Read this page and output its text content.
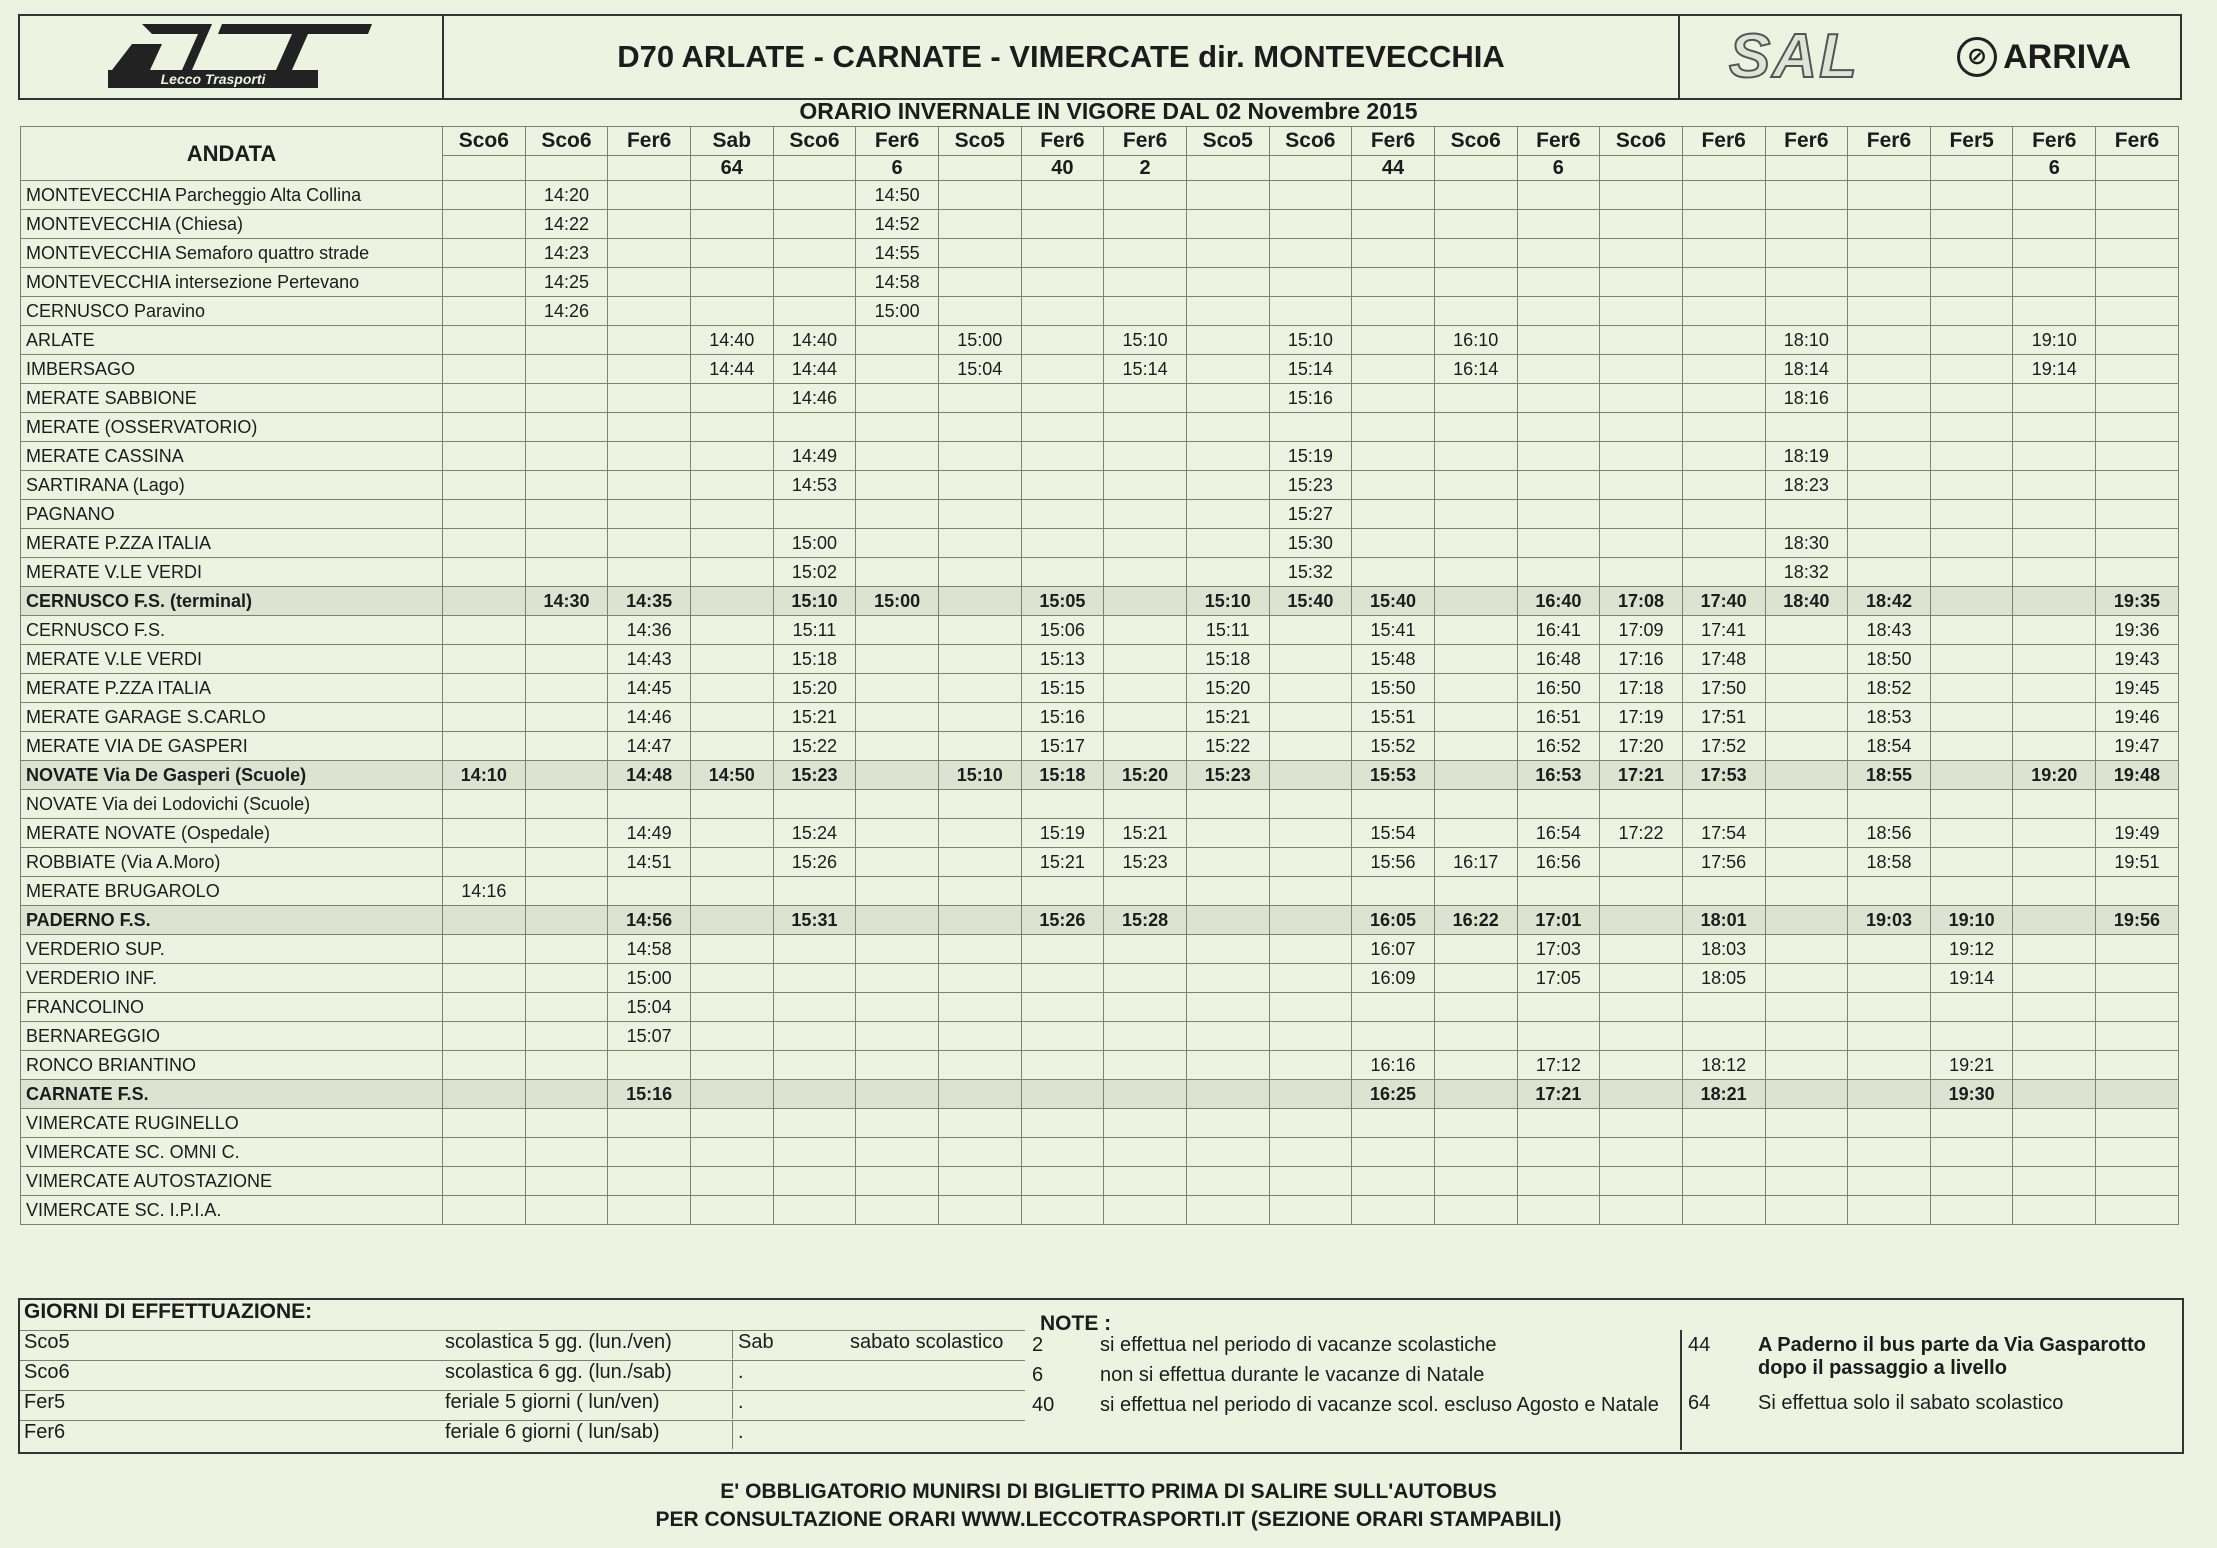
Lecco Trasporti
D70 ARLATE - CARNATE - VIMERCATE dir. MONTEVECCHIA	SAL	⊘ ARRIVA
ORARIO INVERNALE IN VIGORE DAL 02 Novembre 2015
ANDATA	Sco6	Sco6	Fer6	Sab	Sco6	Fer6	Sco5	Fer6	Fer6	Sco5	Sco6	Fer6	Sco6	Fer6	Sco6	Fer6	Fer6	Fer6	Fer5	Fer6	Fer6
				64		6		40	2			44		6						6	
MONTEVECCHIA Parcheggio Alta Collina		14:20				14:50															
MONTEVECCHIA (Chiesa)		14:22				14:52															
MONTEVECCHIA Semaforo quattro strade		14:23				14:55															
MONTEVECCHIA intersezione Pertevano		14:25				14:58															
CERNUSCO Paravino		14:26				15:00															
ARLATE				14:40	14:40		15:00		15:10		15:10		16:10				18:10			19:10	
IMBERSAGO				14:44	14:44		15:04		15:14		15:14		16:14				18:14			19:14	
MERATE SABBIONE					14:46						15:16						18:16				
MERATE (OSSERVATORIO)																					
MERATE CASSINA					14:49						15:19						18:19				
SARTIRANA (Lago)					14:53						15:23						18:23				
PAGNANO											15:27										
MERATE P.ZZA ITALIA					15:00						15:30						18:30				
MERATE V.LE VERDI					15:02						15:32						18:32				
CERNUSCO F.S. (terminal)		14:30	14:35		15:10	15:00		15:05		15:10	15:40	15:40		16:40	17:08	17:40	18:40	18:42			19:35
CERNUSCO F.S.			14:36		15:11			15:06		15:11		15:41		16:41	17:09	17:41		18:43			19:36
MERATE V.LE VERDI			14:43		15:18			15:13		15:18		15:48		16:48	17:16	17:48		18:50			19:43
MERATE P.ZZA ITALIA			14:45		15:20			15:15		15:20		15:50		16:50	17:18	17:50		18:52			19:45
MERATE GARAGE S.CARLO			14:46		15:21			15:16		15:21		15:51		16:51	17:19	17:51		18:53			19:46
MERATE VIA DE GASPERI			14:47		15:22			15:17		15:22		15:52		16:52	17:20	17:52		18:54			19:47
NOVATE Via De Gasperi (Scuole)	14:10		14:48	14:50	15:23		15:10	15:18	15:20	15:23		15:53		16:53	17:21	17:53		18:55		19:20	19:48
NOVATE Via dei Lodovichi (Scuole)																					
MERATE NOVATE (Ospedale)			14:49		15:24			15:19	15:21			15:54		16:54	17:22	17:54		18:56			19:49
ROBBIATE (Via A.Moro)			14:51		15:26			15:21	15:23			15:56	16:17	16:56		17:56		18:58			19:51
MERATE BRUGAROLO	14:16																				
PADERNO F.S.			14:56		15:31			15:26	15:28			16:05	16:22	17:01		18:01		19:03	19:10		19:56
VERDERIO SUP.			14:58									16:07		17:03		18:03			19:12		
VERDERIO INF.			15:00									16:09		17:05		18:05			19:14		
FRANCOLINO			15:04																		
BERNAREGGIO			15:07																		
RONCO BRIANTINO												16:16		17:12		18:12			19:21		
CARNATE F.S.			15:16									16:25		17:21		18:21			19:30		
VIMERCATE RUGINELLO																					
VIMERCATE SC. OMNI C.																					
VIMERCATE AUTOSTAZIONE																					
VIMERCATE SC. I.P.I.A.																					
GIORNI DI EFFETTUAZIONE:
Sco5	scolastica 5 gg. (lun./ven)	Sab	sabato scolastico
Sco6	scolastica 6 gg. (lun./sab)	.
Fer5	feriale 5 giorni ( lun/ven)	.
Fer6	feriale 6 giorni ( lun/sab)	.
NOTE :
2	si effettua nel periodo di vacanze scolastiche
6	non si effettua durante le vacanze di Natale
40 si effettua nel periodo di vacanze scol. escluso Agosto e Natale
44 A Paderno il bus parte da Via Gasparotto dopo il passaggio a livello
64 Si effettua solo il sabato scolastico
E' OBBLIGATORIO MUNIRSI DI BIGLIETTO PRIMA DI SALIRE SULL'AUTOBUS
PER CONSULTAZIONE ORARI WWW.LECCOTRASPORTI.IT (SEZIONE ORARI STAMPABILI)
